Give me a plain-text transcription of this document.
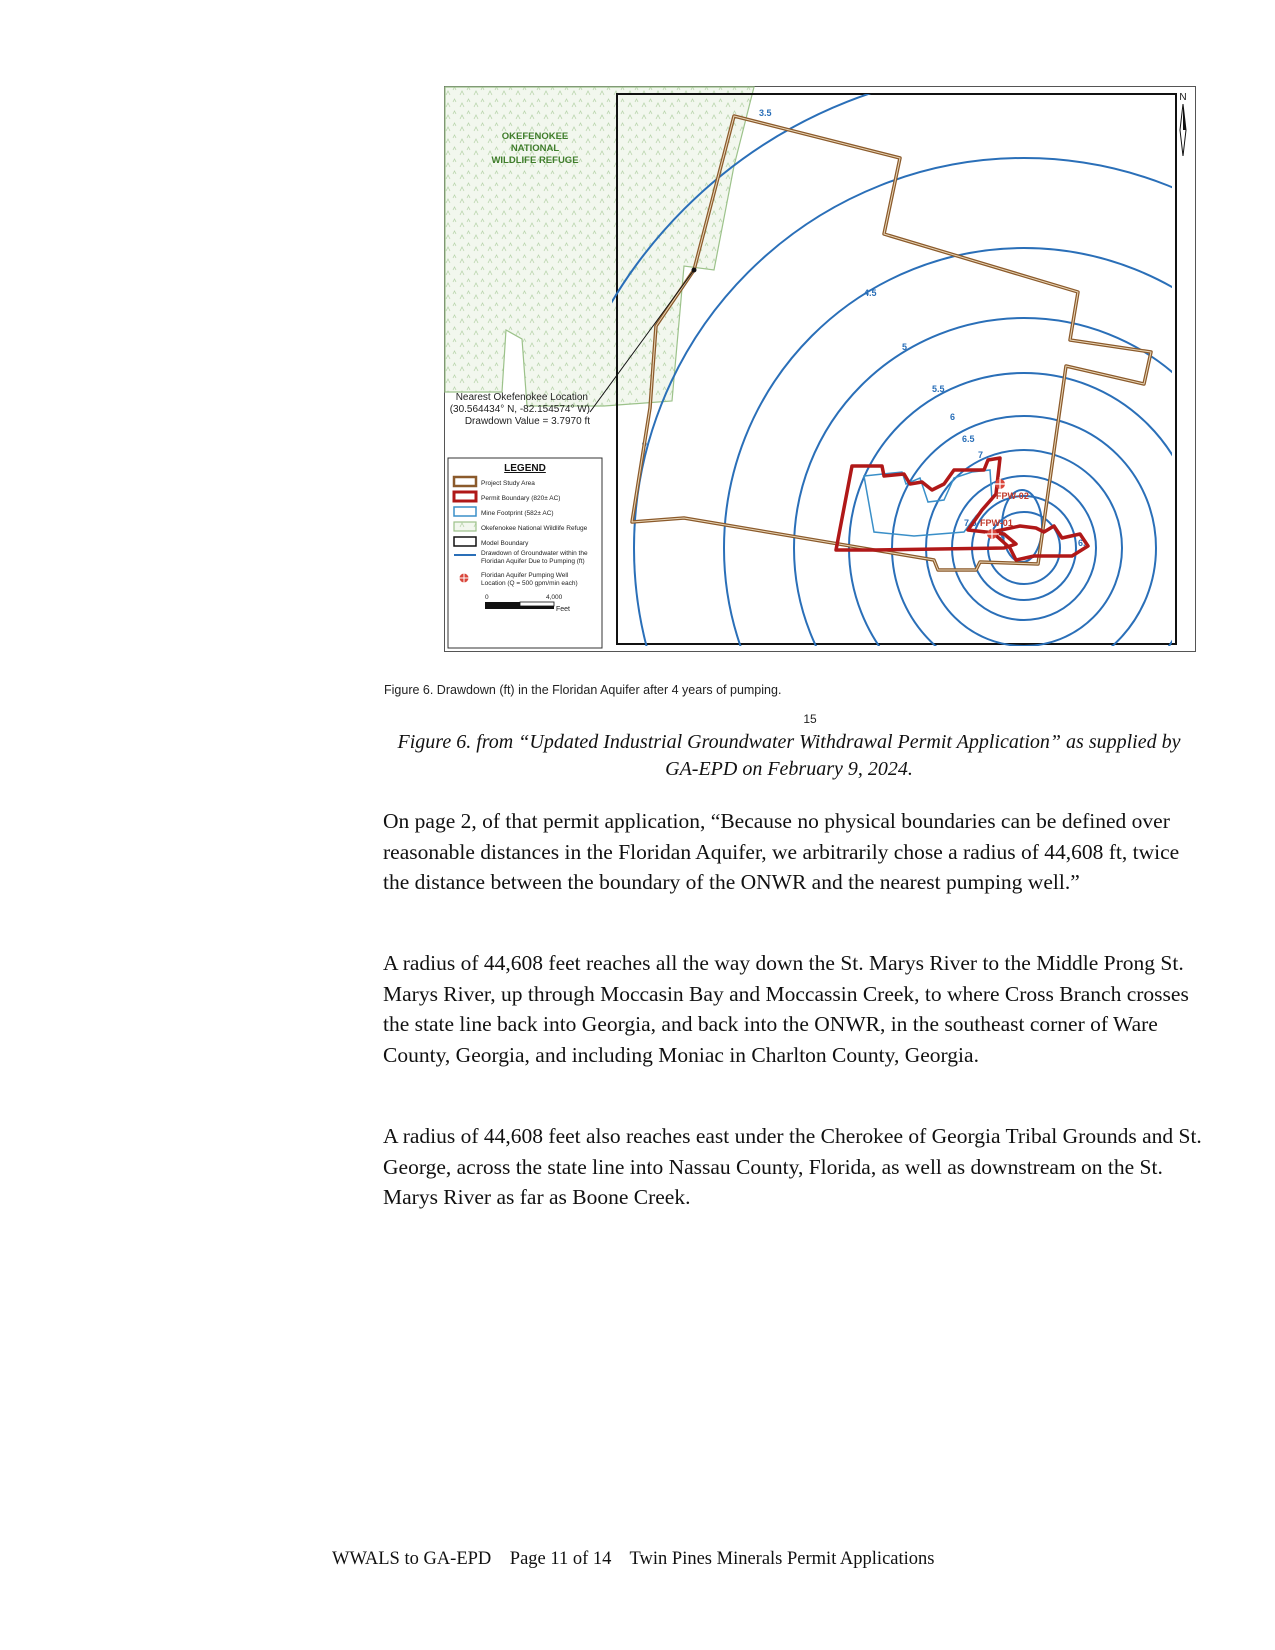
3.5
4
4.5
5
5.5
6
6.5
7
7.5
8
6.
FPW-02
FPW-01
OKEFENOKEE
NATIONAL
WILDLIFE REFUGE
Nearest Okefenokee Location
(30.564434° N, -82.154574° W)
Drawdown Value = 3.7970 ft
N
LEGEND
Project Study Area
Permit Boundary (820± AC)
Mine Footprint (582± AC)
Okefenokee National Wildlife Refuge
Model Boundary
Drawdown of Groundwater within the
Floridan Aquifer Due to Pumping (ft)
Floridan Aquifer Pumping Well
Location (Q = 500 gpm/min each)
0	4,000
Feet
Figure 6. Drawdown (ft) in the Floridan Aquifer after 4 years of pumping.
15
Figure 6. from “Updated Industrial Groundwater Withdrawal Permit Application” as supplied by GA-EPD on February 9, 2024.

On page 2, of that permit application, “Because no physical boundaries can be defined over reasonable distances in the Floridan Aquifer, we arbitrarily chose a radius of 44,608 ft, twice the distance between the boundary of the ONWR and the nearest pumping well.”

A radius of 44,608 feet reaches all the way down the St. Marys River to the Middle Prong St. Marys River, up through Moccasin Bay and Moccassin Creek, to where Cross Branch crosses the state line back into Georgia, and back into the ONWR, in the southeast corner of Ware County, Georgia, and including Moniac in Charlton County, Georgia.

A radius of 44,608 feet also reaches east under the Cherokee of Georgia Tribal Grounds and St. George, across the state line into Nassau County, Florida, as well as downstream on the St. Marys River as far as Boone Creek.

WWALS to GA-EPD    Page 11 of 14    Twin Pines Minerals Permit Applications
